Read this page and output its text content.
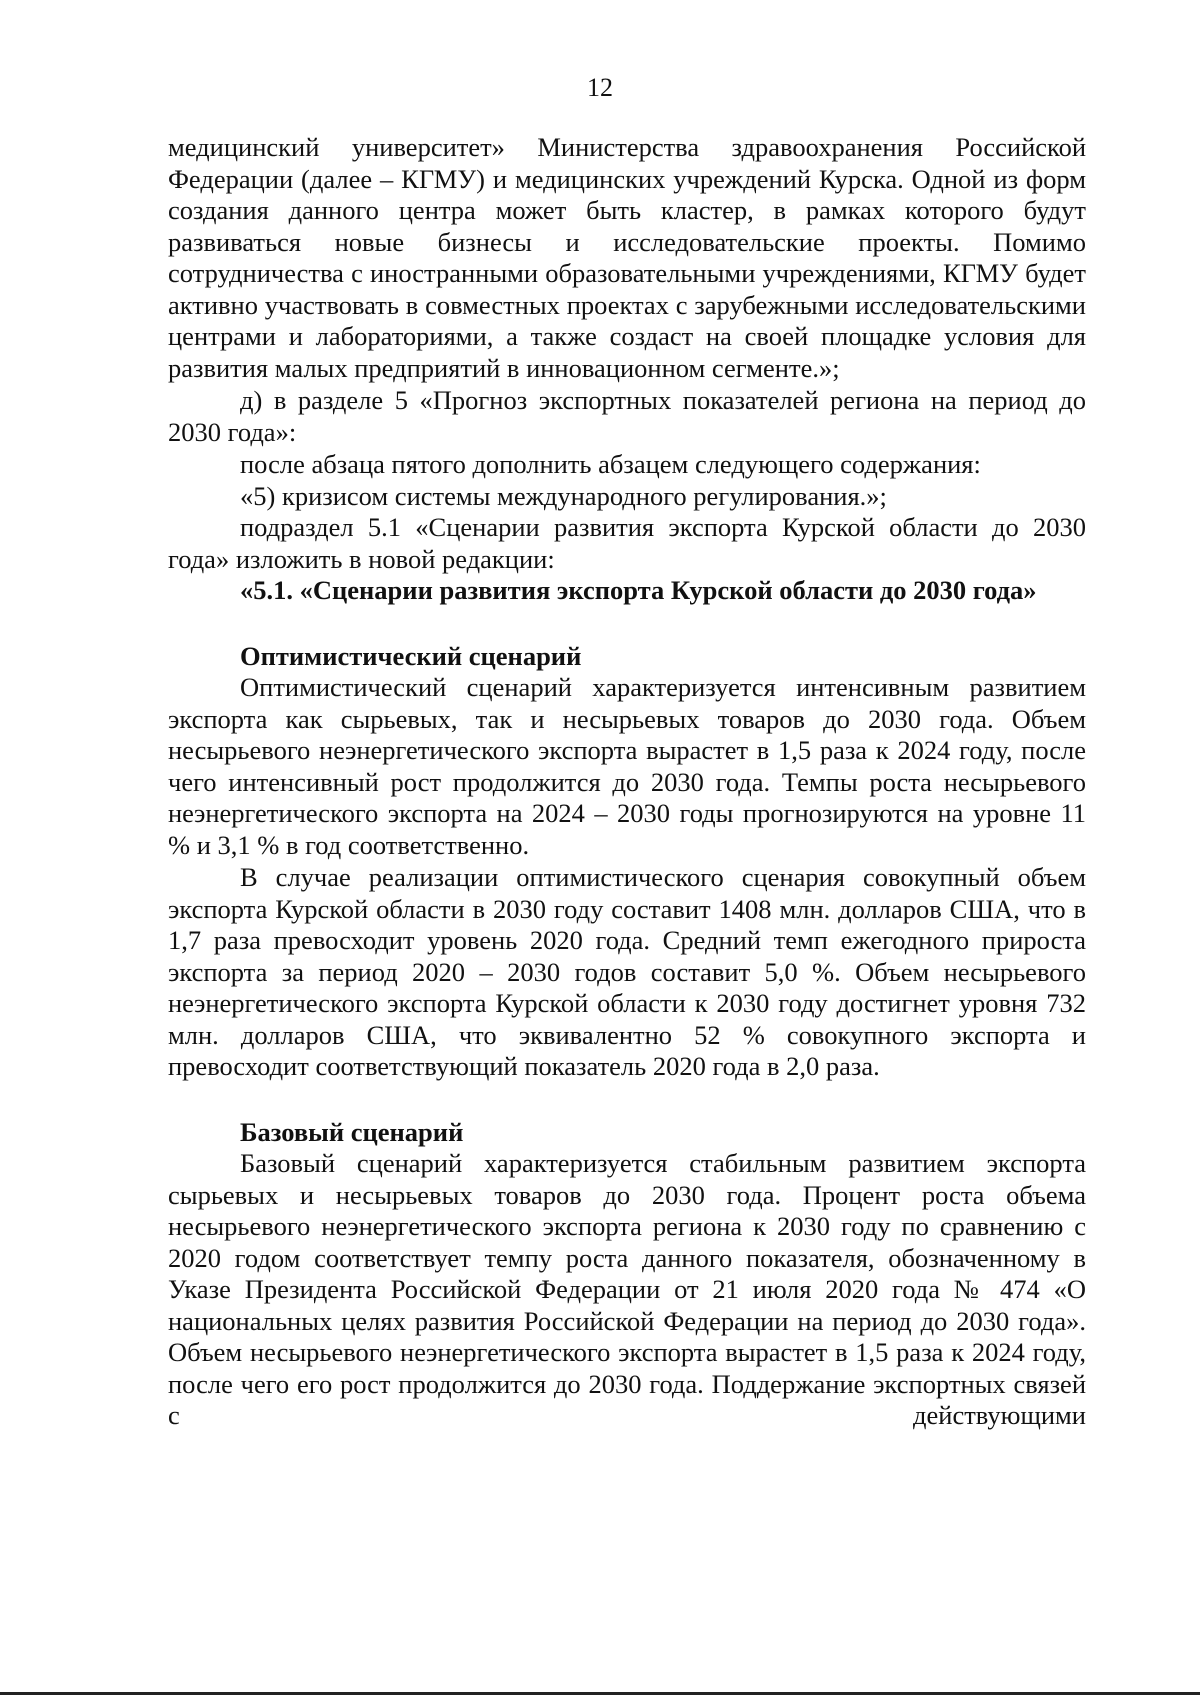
12

медицинский университет» Министерства здравоохранения Российской Федерации (далее – КГМУ) и медицинских учреждений Курска. Одной из форм создания данного центра может быть кластер, в рамках которого будут развиваться новые бизнесы и исследовательские проекты. Помимо сотрудничества с иностранными образовательными учреждениями, КГМУ будет активно участвовать в совместных проектах с зарубежными исследовательскими центрами и лабораториями, а также создаст на своей площадке условия для развития малых предприятий в инновационном сегменте.»;

д) в разделе 5 «Прогноз экспортных показателей региона на период до 2030 года»:

после абзаца пятого дополнить абзацем следующего содержания:

«5) кризисом системы международного регулирования.»;

подраздел 5.1 «Сценарии развития экспорта Курской области до 2030 года» изложить в новой редакции:

«5.1. «Сценарии развития экспорта Курской области до 2030 года»

Оптимистический сценарий

Оптимистический сценарий характеризуется интенсивным развитием экспорта как сырьевых, так и несырьевых товаров до 2030 года. Объем несырьевого неэнергетического экспорта вырастет в 1,5 раза к 2024 году, после чего интенсивный рост продолжится до 2030 года. Темпы роста несырьевого неэнергетического экспорта на 2024 – 2030 годы прогнозируются на уровне 11 % и 3,1 % в год соответственно.

В случае реализации оптимистического сценария совокупный объем экспорта Курской области в 2030 году составит 1408 млн. долларов США, что в 1,7 раза превосходит уровень 2020 года. Средний темп ежегодного прироста экспорта за период 2020 – 2030 годов составит 5,0 %. Объем несырьевого неэнергетического экспорта Курской области к 2030 году достигнет уровня 732 млн. долларов США, что эквивалентно 52 % совокупного экспорта и превосходит соответствующий показатель 2020 года в 2,0 раза.

Базовый сценарий

Базовый сценарий характеризуется стабильным развитием экспорта сырьевых и несырьевых товаров до 2030 года. Процент роста объема несырьевого неэнергетического экспорта региона к 2030 году по сравнению с 2020 годом соответствует темпу роста данного показателя, обозначенному в Указе Президента Российской Федерации от 21 июля 2020 года № 474 «О национальных целях развития Российской Федерации на период до 2030 года». Объем несырьевого неэнергетического экспорта вырастет в 1,5 раза к 2024 году, после чего его рост продолжится до 2030 года. Поддержание экспортных связей с действующими
